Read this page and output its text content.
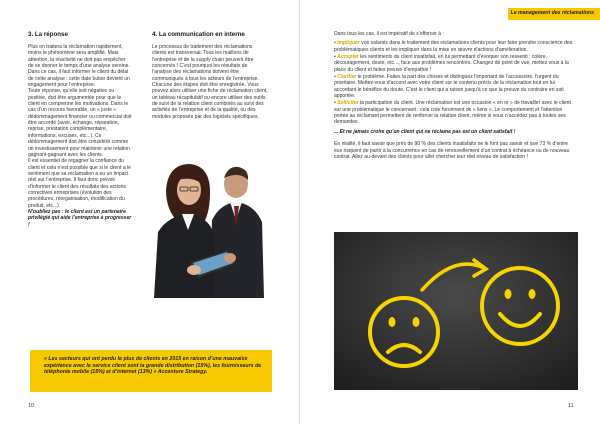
3. La réponse

Plus on traitera la réclamation rapidement, moins le phénomène sera amplifié. Mais attention, la réactivité ne doit pas empêcher de se donner le temps d’une analyse sereine. Dans ce cas, il faut informer le client du délai de cette analyse : cette date butoir devient un engagement pour l’entreprise.

Toute réponse, qu’elle soit négative ou positive, doit être argumentée pour que le client en comprenne les motivations. Dans le cas d’un recours favorable, un « juste » dédommagement financier ou commercial doit être accordé (avoir, échange, réparation, reprise, prestation complémentaire, informations, excuses, etc...). Ce dédommagement doit être considéré comme un investissement pour maintenir une relation gagnant-gagnant avec les clients.

Il est essentiel de regagner la confiance du client et cela n’est possible que si le client a le sentiment que sa réclamation a eu un impact réel sur l’entreprise. Il faut donc prévoir d’informer le client des résultats des actions correctives entreprises (évolution des procédures, réorganisation, modification du produit, etc...).

N’oubliez pas : le client est un partenaire privilégié qui aide l’entreprise à progresser !

4. La communication en interne

Le processus de traitement des réclamations clients est transversal. Tous les maillons de l’entreprise et de la supply chain peuvent être concernés ! C’est pourquoi les résultats de l’analyse des réclamations doivent être communiqués à tous les acteurs de l’entreprise.

Chacune des étapes doit être enregistrée. Vous pouvez alors utiliser une fiche de réclamation client, un tableau récapitulatif ou encore utiliser des outils de suivi de la relation client combinés au suivi des activités de l’entreprise et de la qualité, ou des modules proposés par des logiciels spécifiques.

« Les secteurs qui ont perdu le plus de clients en 2015 en raison d’une mauvaise expérience avec le service client sont la grande distribution (15%), les fournisseurs de téléphonie mobile (15%) et d’internet (13%) » Accenture Strategy.

10
Le management des réclamations

Dans tous les cas, il est impératif de s’efforcer à :

• Impliquer vos salariés dans le traitement des réclamations clients pour leur faire prendre conscience des problématiques clients et les impliquer dans la mise en œuvre d’actions d’amélioration.

• Accepter les sentiments du client insatisfait, en lui permettant d’évoquer son ressenti : colère, découragement, doute, etc..., face aux problèmes rencontrés. Changez de point de vue, mettez vous à la place du client et faites preuve d’empathie !

• Clarifier le problème. Faites la part des choses et distinguez l’important de l’accessoire, l’urgent du prioritaire. Mettez-vous d’accord avec votre client sur le contenu précis de la réclamation tout en lui accordant le bénéfice du doute. C’est le client qui a raison jusqu’à ce que la preuve du contraire en soit apportée.

• Solliciter la participation du client. Une réclamation est une occasion « en or » de travailler avec le client sur une problématique le concernant : cela crée forcément de « liens ». Le comportement et l’attention portée au réclamant permettent de renforcer la relation client, même si vous n’accédez pas à toutes ses demandes.

... Et ne jamais croire qu’un client qui ne réclame pas est un client satisfait !

En réalité, il faut savoir que près de 90 % des clients insatisfaits ne le font pas savoir et que 73 % d’entre eux risquent de partir à la concurrence en cas de renouvellement d’un contrat à échéance ou de nouveau contrat. Allez au-devant des clients pour aller chercher leur réel niveau de satisfaction !

11
